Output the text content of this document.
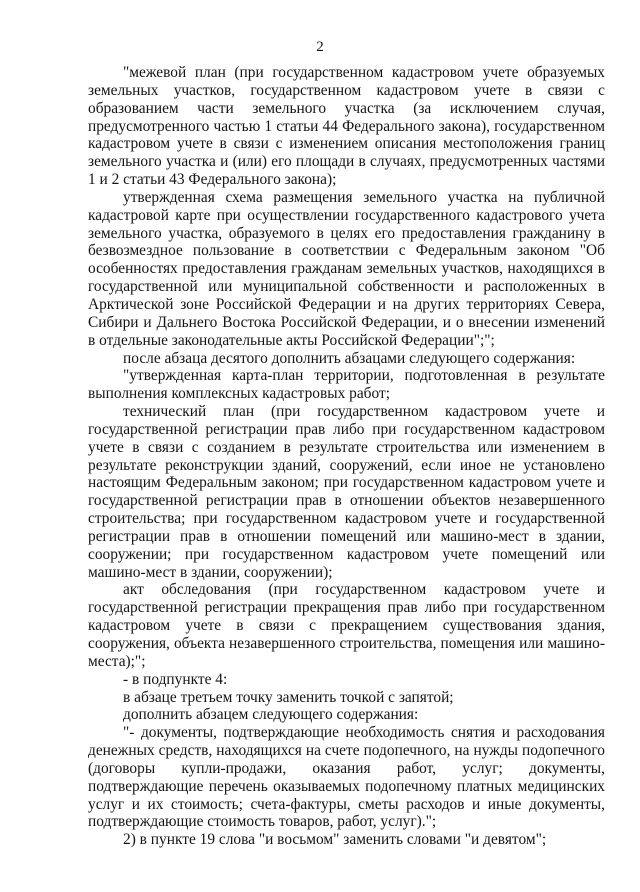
2

"межевой план (при государственном кадастровом учете образуемых земельных участков, государственном кадастровом учете в связи с образованием части земельного участка (за исключением случая, предусмотренного частью 1 статьи 44 Федерального закона), государственном кадастровом учете в связи с изменением описания местоположения границ земельного участка и (или) его площади в случаях, предусмотренных частями 1 и 2 статьи 43 Федерального закона);

утвержденная схема размещения земельного участка на публичной кадастровой карте при осуществлении государственного кадастрового учета земельного участка, образуемого в целях его предоставления гражданину в безвозмездное пользование в соответствии с Федеральным законом "Об особенностях предоставления гражданам земельных участков, находящихся в государственной или муниципальной собственности и расположенных в Арктической зоне Российской Федерации и на других территориях Севера, Сибири и Дальнего Востока Российской Федерации, и о внесении изменений в отдельные законодательные акты Российской Федерации";";

после абзаца десятого дополнить абзацами следующего содержания:

"утвержденная карта-план территории, подготовленная в результате выполнения комплексных кадастровых работ;

технический план (при государственном кадастровом учете и государственной регистрации прав либо при государственном кадастровом учете в связи с созданием в результате строительства или изменением в результате реконструкции зданий, сооружений, если иное не установлено настоящим Федеральным законом; при государственном кадастровом учете и государственной регистрации прав в отношении объектов незавершенного строительства; при государственном кадастровом учете и государственной регистрации прав в отношении помещений или машино-мест в здании, сооружении; при государственном кадастровом учете помещений или машино-мест в здании, сооружении);

акт обследования (при государственном кадастровом учете и государственной регистрации прекращения прав либо при государственном кадастровом учете в связи с прекращением существования здания, сооружения, объекта незавершенного строительства, помещения или машино-места);";

- в подпункте 4:

в абзаце третьем точку заменить точкой с запятой;

дополнить абзацем следующего содержания:

"- документы, подтверждающие необходимость снятия и расходования денежных средств, находящихся на счете подопечного, на нужды подопечного (договоры купли-продажи, оказания работ, услуг; документы, подтверждающие перечень оказываемых подопечному платных медицинских услуг и их стоимость; счета-фактуры, сметы расходов и иные документы, подтверждающие стоимость товаров, работ, услуг).";

2) в пункте 19 слова "и восьмом" заменить словами "и девятом";
